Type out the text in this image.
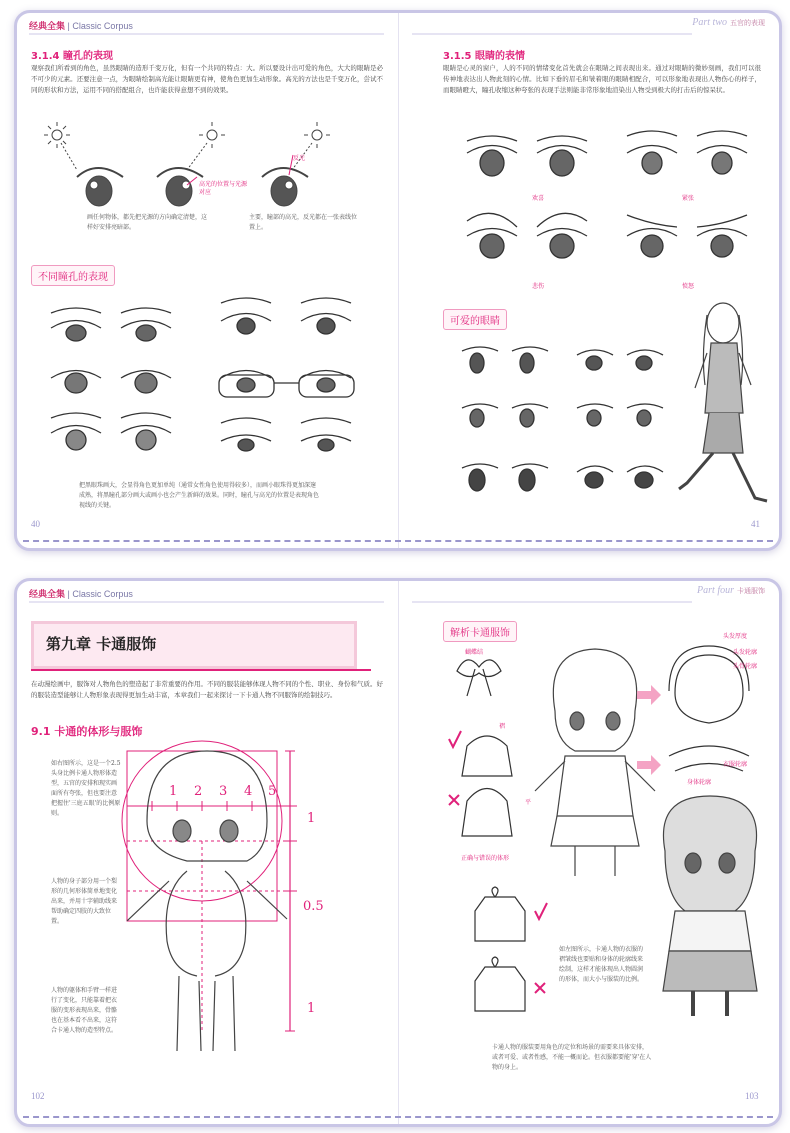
经典全集 | Classic Corpus	Part two 五官的表现
3.1.4 瞳孔的表现
观察我们所看到的角色，虽然眼睛的造形千变万化，但有一个共同的特点：大。所以要设计出可爱的角色，大大的眼睛是必不可少的元素。还要注意一点，为眼睛绘制高光能让眼睛更有神，使角色更加生动形象。高光的方法也是千变万化，尝试不同的形状和方法，运用不同的搭配组合，也许能获得意想不到的效果。
高光的位置与光源对应
反光
画任何物体，都先把光源的方向确定清楚，这样好安排亮暗部。
主要，瞳部的高光，反光都在一张表线位置上。
不同瞳孔的表现
把黑眼珠画大，会显得角色更加单纯（通常女性角色使用得较多），而画小眼珠得更加深邃成熟，将黑瞳孔部分画大或画小也会产生新鲜的效果。同时，瞳孔与高光的位置是表现角色视线的关键。
40
3.1.5 眼睛的表情
眼睛是心灵的窗户，人的不同的情绪变化首先就会在眼睛之间表现出来。通过对眼睛的微妙刻画，我们可以很传神地表达出人物此刻的心情。比如下垂的眉毛和皱着眼的眼睛相配合，可以形象地表现出人物伤心的样子，而眼睛瞪大，瞳孔收缩这种夸张的表现手法则能非常形象地渲染出人物受到极大的打击后的惊呆状。
欢喜	紧张
悲伤	愤怒
可爱的眼睛
41
经典全集 | Classic Corpus	Part four 卡通服饰
第九章 卡通服饰
在动漫绘画中，服饰对人物角色的塑造起了非常重要的作用。不同的服装能够体现人物不同的个性、职业、身份和气质。好的服装造型能够让人物形象表现得更加生动丰富，本章我们一起来探讨一下卡通人物不同服饰的绘制技巧。
9.1 卡通的体形与服饰
1 2 3 4 5
1
0.5
1
如右图所示，这是一个2.5头身比例卡通人物形体造型，五官的安排和现实画面所有夸张，但也要注意把握住'三庭五眼'的比例原则。
人物的身子部分用一个梨形的几何形体简单地变化出来，并用十字辅助线来帮助确定四肢的大致位置。
人物的躯体和手臂一样进行了变化，只能靠着把衣服的变形表现出来，骨骼也在基本看不出来，这符合卡通人物的造型特点。
102
解析卡通服饰
蝴蝶结
褶
平
正确与错误的体形
头发厚度
头发轮廓
头骨轮廓
衣服轮廓
身体轮廓
如左图所示，卡通人物的衣服的褶皱线也要贴和身体的轮廓线来绘制，这样才能体现出人物圆润的形体，而大小与服装的比例。
卡通人物的服装要用角色的定位和场景的需要来具体安排，或者可爱、或者性感，不能一概而论。但衣服都要能'穿'在人物的身上。
103
